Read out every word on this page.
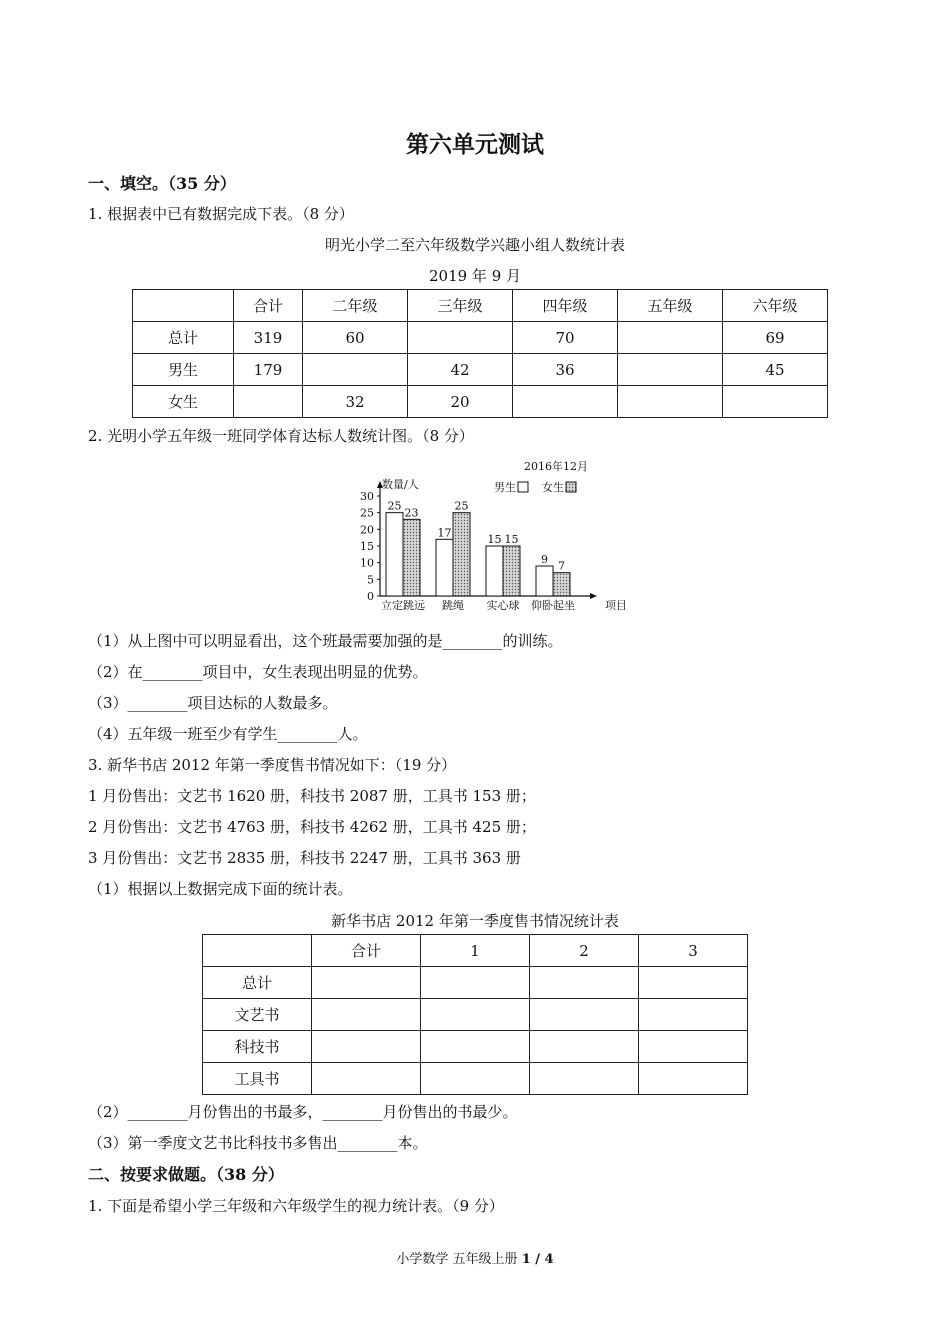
第六单元测试
一、填空。（35 分）
1. 根据表中已有数据完成下表。（8 分）
明光小学二至六年级数学兴趣小组人数统计表
2019 年 9 月
	合计	二年级	三年级	四年级	五年级	六年级
总计	319	60		70		69
男生	179		42	36		45
女生		32	20			
2. 光明小学五年级一班同学体育达标人数统计图。（8 分）
0
5
10
15
20
25
30
数量/人
项目
2016年12月
男生 女生
25
23
立定跳远
17
25
跳绳
15 15
实心球
9
7
仰卧起坐
（1）从上图中可以明显看出，这个班最需要加强的是________的训练。
（2）在________项目中，女生表现出明显的优势。
（3）________项目达标的人数最多。
（4）五年级一班至少有学生________人。
3. 新华书店 2012 年第一季度售书情况如下：（19 分）
1 月份售出：文艺书 1620 册，科技书 2087 册，工具书 153 册；
2 月份售出：文艺书 4763 册，科技书 4262 册，工具书 425 册；
3 月份售出：文艺书 2835 册，科技书 2247 册，工具书 363 册
（1）根据以上数据完成下面的统计表。
新华书店 2012 年第一季度售书情况统计表
	合计	1	2	3
总计				
文艺书				
科技书				
工具书				
（2）________月份售出的书最多，________月份售出的书最少。
（3）第一季度文艺书比科技书多售出________本。
二、按要求做题。（38 分）
1. 下面是希望小学三年级和六年级学生的视力统计表。（9 分）
小学数学 五年级上册 1 / 4
